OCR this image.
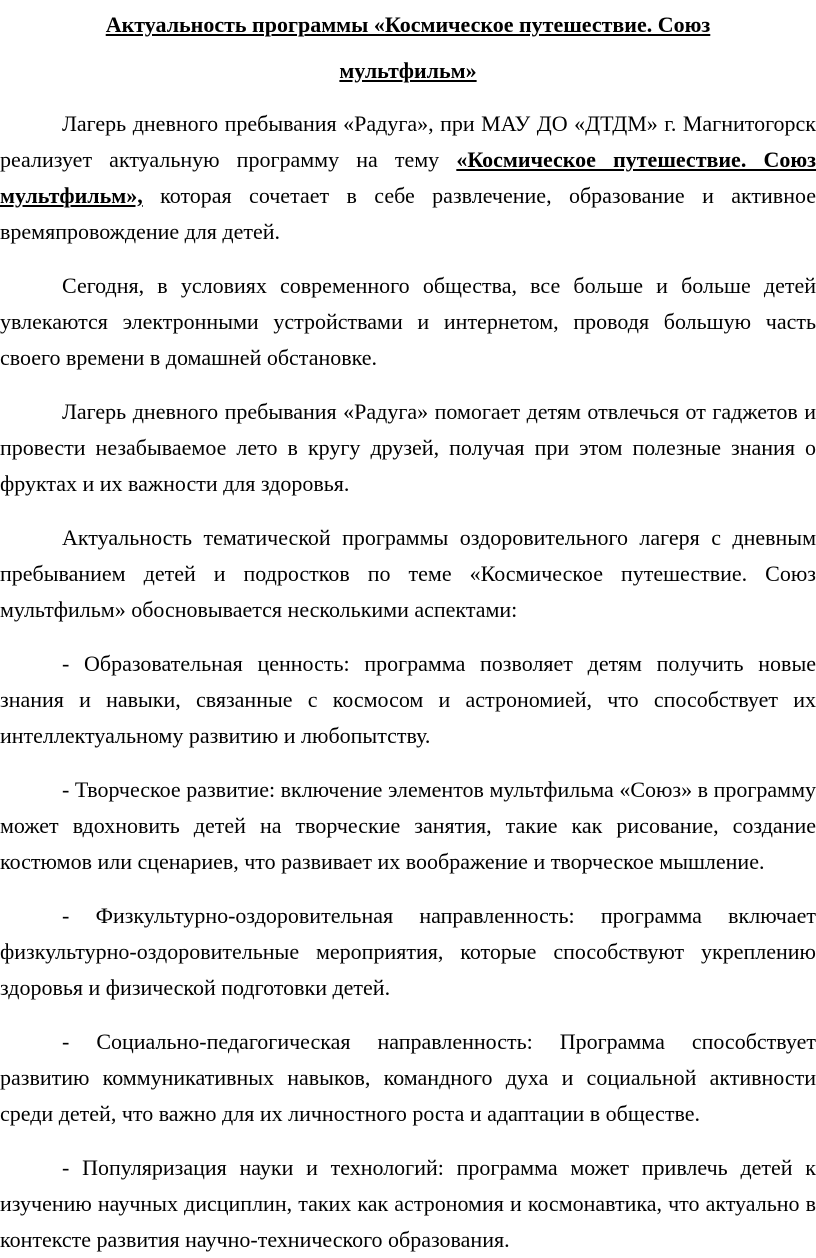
Актуальность программы «Космическое путешествие. Союз
мультфильм»

Лагерь дневного пребывания «Радуга», при МАУ ДО «ДТДМ» г. Магнитогорск реализует актуальную программу на тему «Космическое путешествие. Союз мультфильм», которая сочетает в себе развлечение, образование и активное времяпровождение для детей.

Сегодня, в условиях современного общества, все больше и больше детей увлекаются электронными устройствами и интернетом, проводя большую часть своего времени в домашней обстановке.

Лагерь дневного пребывания «Радуга» помогает детям отвлечься от гаджетов и провести незабываемое лето в кругу друзей, получая при этом полезные знания о фруктах и их важности для здоровья.

Актуальность тематической программы оздоровительного лагеря с дневным пребыванием детей и подростков по теме «Космическое путешествие. Союз мультфильм» обосновывается несколькими аспектами:

- Образовательная ценность: программа позволяет детям получить новые знания и навыки, связанные с космосом и астрономией, что способствует их интеллектуальному развитию и любопытству.

- Творческое развитие: включение элементов мультфильма «Союз» в программу может вдохновить детей на творческие занятия, такие как рисование, создание костюмов или сценариев, что развивает их воображение и творческое мышление.

- Физкультурно-оздоровительная направленность: программа включает физкультурно-оздоровительные мероприятия, которые способствуют укреплению здоровья и физической подготовки детей.

- Социально-педагогическая направленность: Программа способствует развитию коммуникативных навыков, командного духа и социальной активности среди детей, что важно для их личностного роста и адаптации в обществе.

- Популяризация науки и технологий: программа может привлечь детей к изучению научных дисциплин, таких как астрономия и космонавтика, что актуально в контексте развития научно-технического образования.
